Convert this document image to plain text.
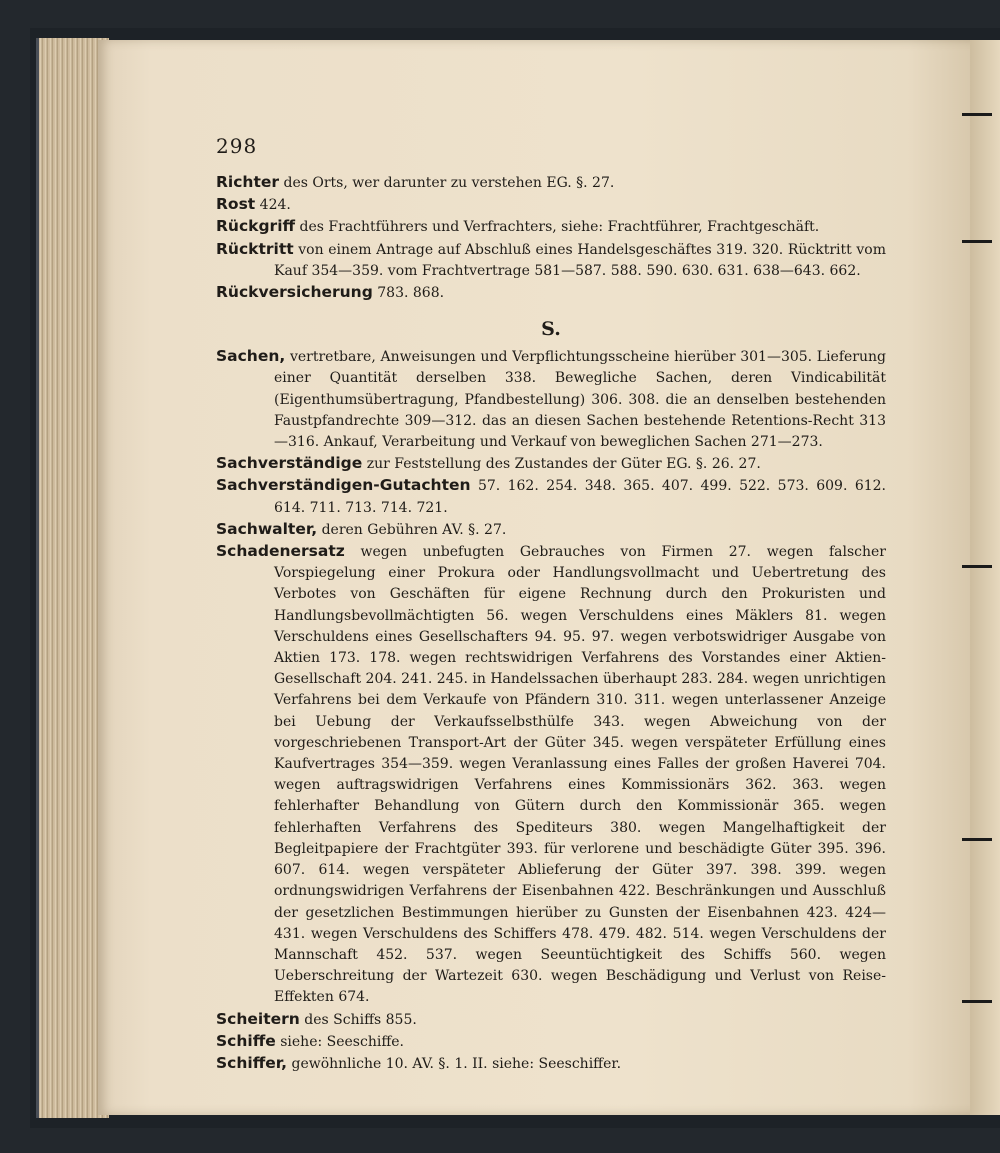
298
Richter des Orts, wer darunter zu verstehen EG. §. 27.
Rost 424.
Rückgriff des Frachtführers und Verfrachters, siehe: Frachtführer, Frachtgeschäft.
Rücktritt von einem Antrage auf Abschluß eines Handelsgeschäftes 319. 320. Rücktritt vom Kauf 354—359. vom Frachtvertrage 581—587. 588. 590. 630. 631. 638—643. 662.
Rückversicherung 783. 868.
S.
Sachen, vertretbare, Anweisungen und Verpflichtungsscheine hierüber 301—305. Lieferung einer Quantität derselben 338. Bewegliche Sachen, deren Vindicabilität (Eigenthumsübertragung, Pfandbestellung) 306. 308. die an denselben bestehenden Faustpfandrechte 309—312. das an diesen Sachen bestehende Retentions-Recht 313—316. Ankauf, Verarbeitung und Verkauf von beweglichen Sachen 271—273.
Sachverständige zur Feststellung des Zustandes der Güter EG. §. 26. 27.
Sachverständigen-Gutachten 57. 162. 254. 348. 365. 407. 499. 522. 573. 609. 612. 614. 711. 713. 714. 721.
Sachwalter, deren Gebühren AV. §. 27.
Schadenersatz wegen unbefugten Gebrauches von Firmen 27. wegen falscher Vorspiegelung einer Prokura oder Handlungsvollmacht und Uebertretung des Verbotes von Geschäften für eigene Rechnung durch den Prokuristen und Handlungsbevollmächtigten 56. wegen Verschuldens eines Mäklers 81. wegen Verschuldens eines Gesellschafters 94. 95. 97. wegen verbotswidriger Ausgabe von Aktien 173. 178. wegen rechtswidrigen Verfahrens des Vorstandes einer Aktien-Gesellschaft 204. 241. 245. in Handelssachen überhaupt 283. 284. wegen unrichtigen Verfahrens bei dem Verkaufe von Pfändern 310. 311. wegen unterlassener Anzeige bei Uebung der Verkaufsselbsthülfe 343. wegen Abweichung von der vorgeschriebenen Transport-Art der Güter 345. wegen verspäteter Erfüllung eines Kaufvertrages 354—359. wegen Veranlassung eines Falles der großen Haverei 704. wegen auftragswidrigen Verfahrens eines Kommissionärs 362. 363. wegen fehlerhafter Behandlung von Gütern durch den Kommissionär 365. wegen fehlerhaften Verfahrens des Spediteurs 380. wegen Mangelhaftigkeit der Begleitpapiere der Frachtgüter 393. für verlorene und beschädigte Güter 395. 396. 607. 614. wegen verspäteter Ablieferung der Güter 397. 398. 399. wegen ordnungswidrigen Verfahrens der Eisenbahnen 422. Beschränkungen und Ausschluß der gesetzlichen Bestimmungen hierüber zu Gunsten der Eisenbahnen 423. 424—431. wegen Verschuldens des Schiffers 478. 479. 482. 514. wegen Verschuldens der Mannschaft 452. 537. wegen Seeuntüchtigkeit des Schiffs 560. wegen Ueberschreitung der Wartezeit 630. wegen Beschädigung und Verlust von Reise-Effekten 674.
Scheitern des Schiffs 855.
Schiffe siehe: Seeschiffe.
Schiffer, gewöhnliche 10. AV. §. 1. II. siehe: Seeschiffer.
